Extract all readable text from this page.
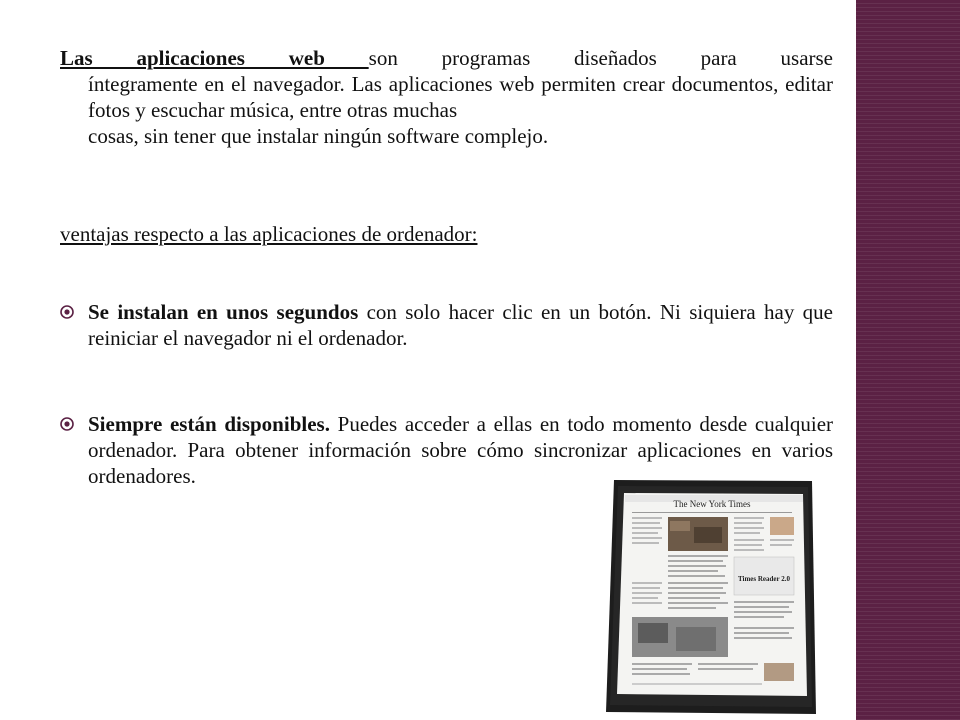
Las aplicaciones web son programas diseñados para usarse
íntegramente en el navegador. Las aplicaciones web permiten crear documentos, editar fotos y escuchar música, entre otras muchas
cosas, sin tener que instalar ningún software complejo.
ventajas respecto a las aplicaciones de ordenador:
Se instalan en unos segundos con solo hacer clic en un botón. Ni siquiera hay que reiniciar el navegador ni el ordenador.
Siempre están disponibles. Puedes acceder a ellas en todo momento desde cualquier ordenador. Para obtener información sobre cómo sincronizar aplicaciones en varios ordenadores.
The New York Times
Times Reader 2.0
